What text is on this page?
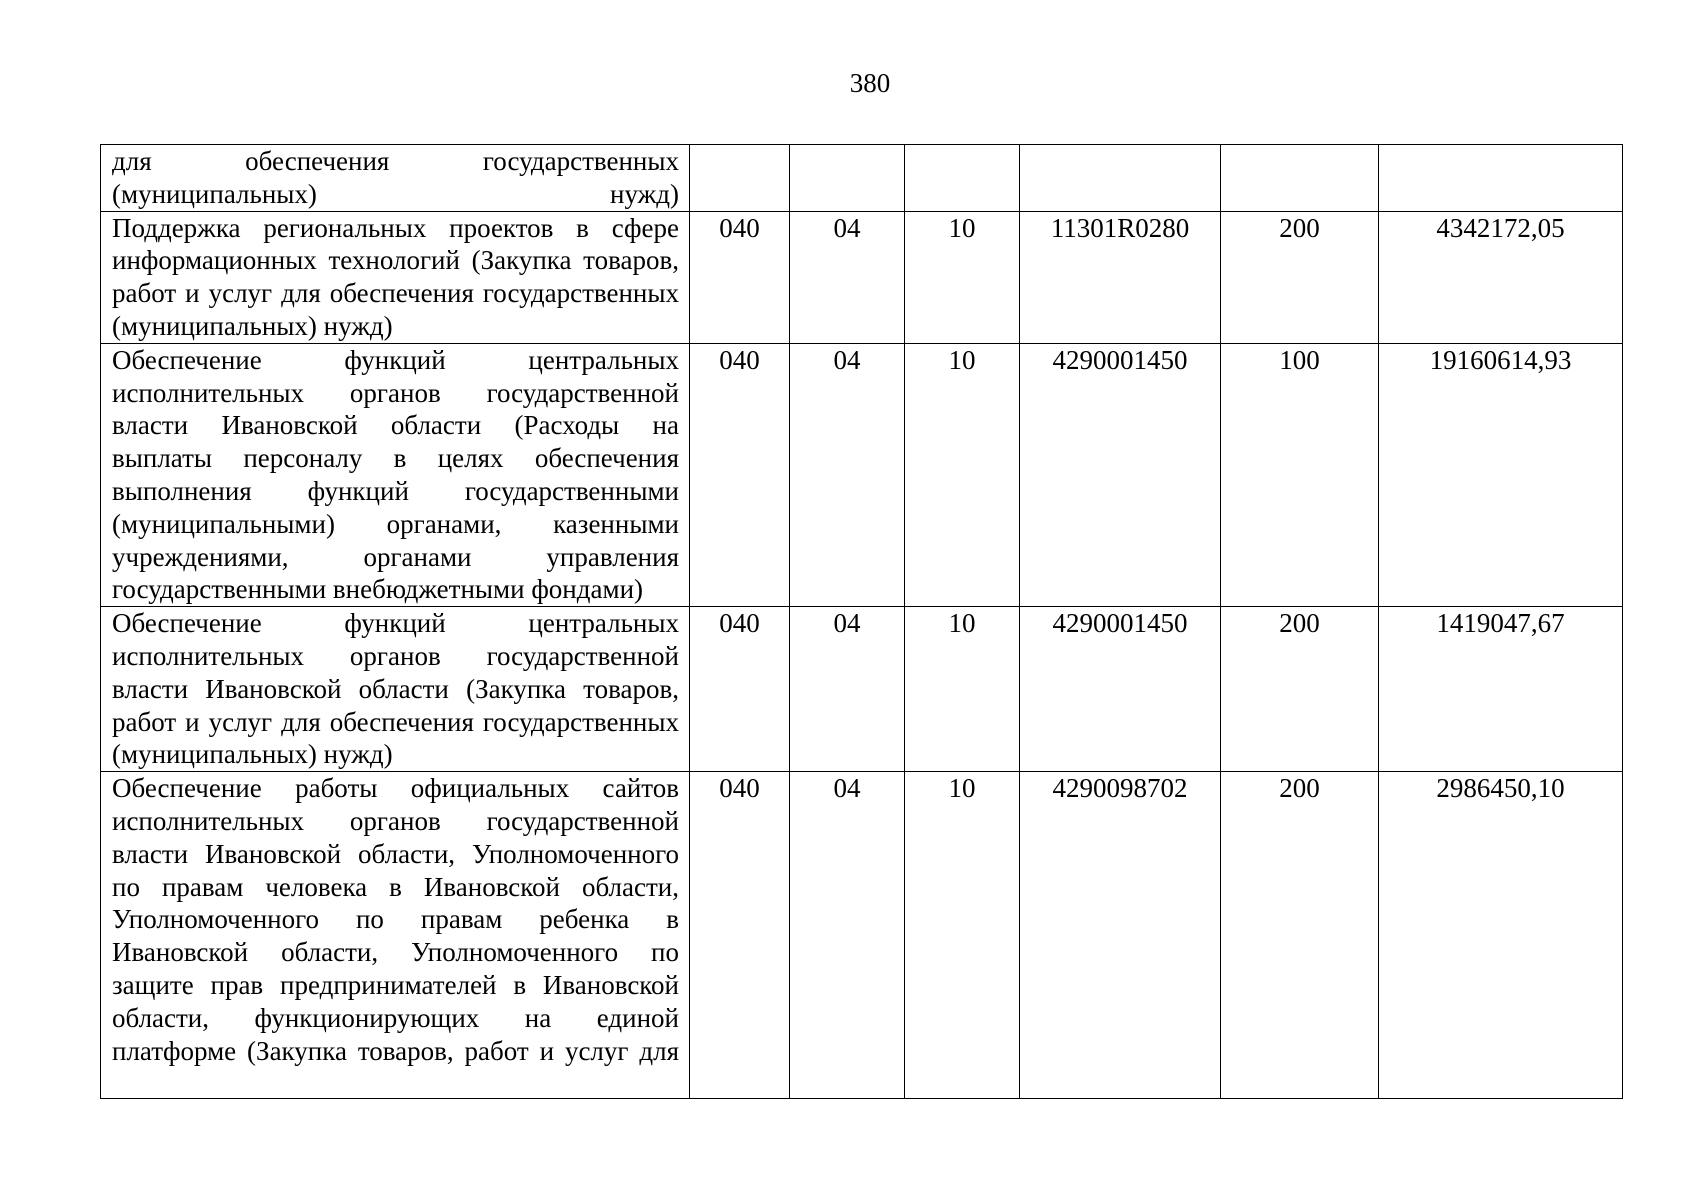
380
для обеспечения государственных (муниципальных) нужд)						

Поддержка региональных проектов в сфере информационных технологий (Закупка товаров, работ и услуг для обеспечения государственных (муниципальных) нужд)	040	04	10	11301R0280	200	4342172,05
Обеспечение функций центральных исполнительных органов государственной власти Ивановской области (Расходы на выплаты персоналу в целях обеспечения выполнения функций государственными (муниципальными) органами, казенными учреждениями, органами управления государственными внебюджетными фондами)	040	04	10	4290001450	100	19160614,93
Обеспечение функций центральных исполнительных органов государственной власти Ивановской области (Закупка товаров, работ и услуг для обеспечения государственных (муниципальных) нужд)	040	04	10	4290001450	200	1419047,67

Обеспечение работы официальных сайтов исполнительных органов государственной власти Ивановской области, Уполномоченного по правам человека в Ивановской области, Уполномоченного по правам ребенка в Ивановской области, Уполномоченного по защите прав предпринимателей в Ивановской области, функционирующих на единой платформе (Закупка товаров, работ и услуг для	040	04	10	4290098702	200	2986450,10
